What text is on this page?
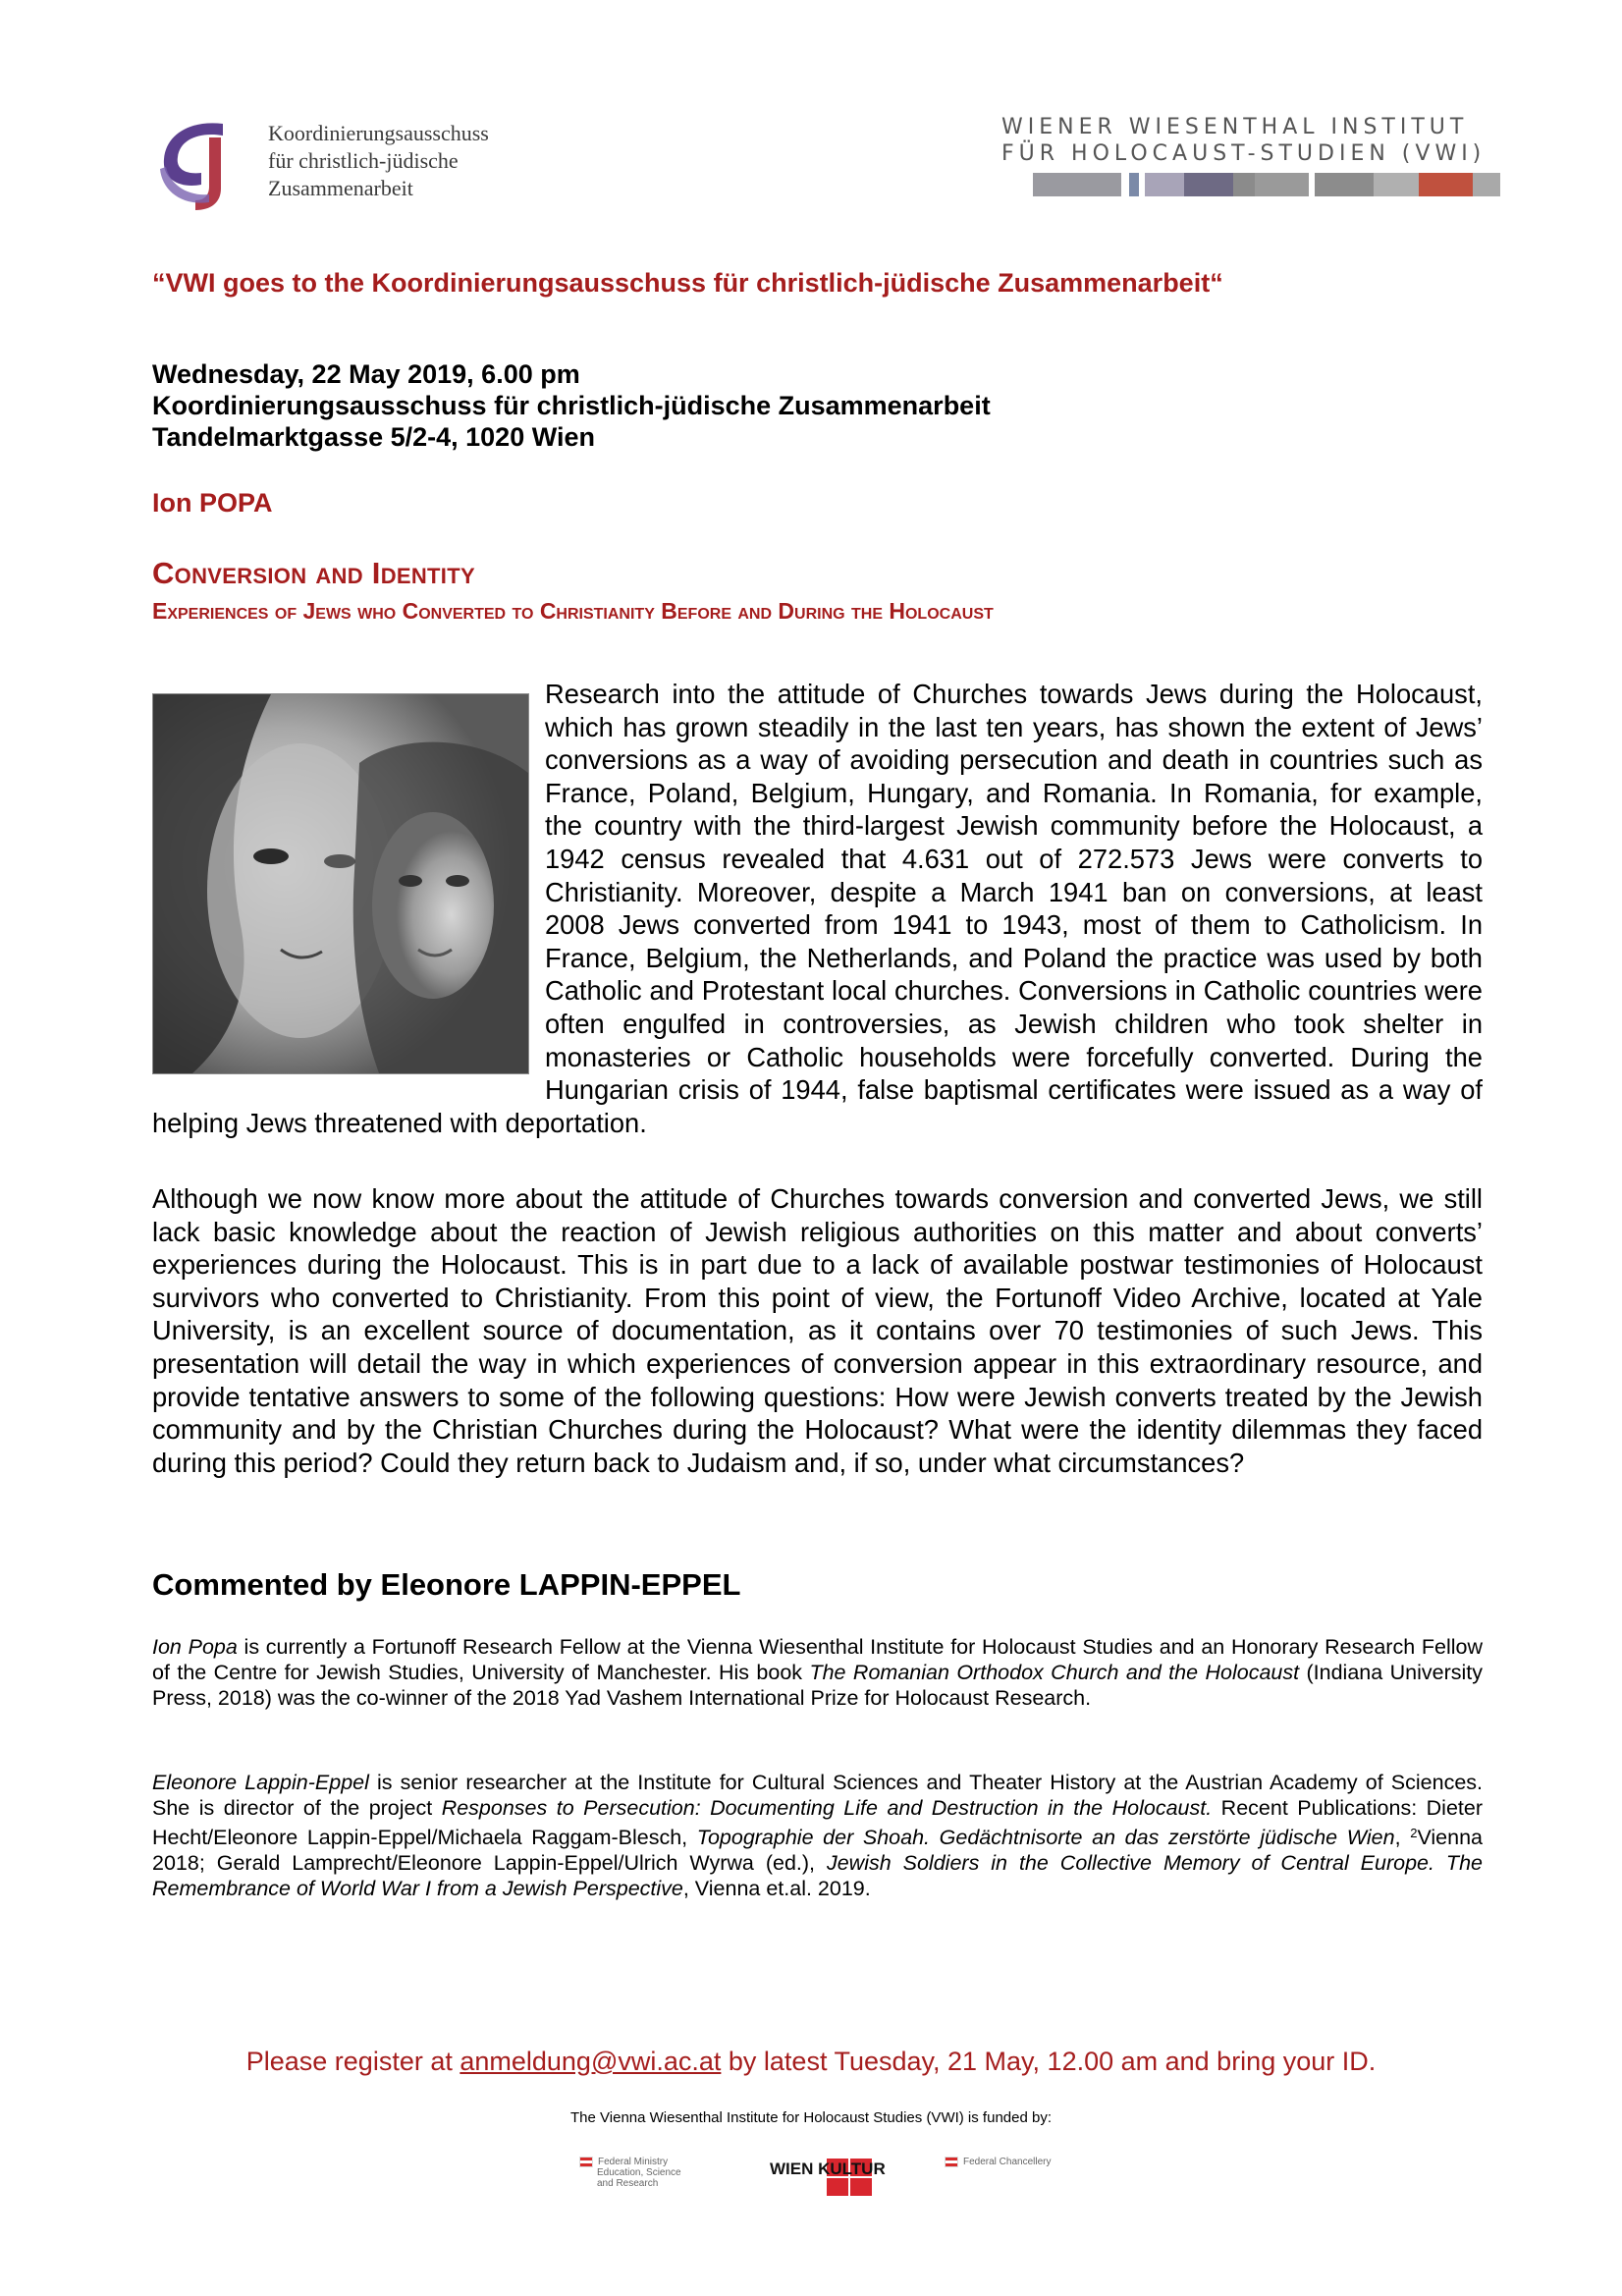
Koordinierungsausschuss
für christlich-jüdische
Zusammenarbeit
WIENER WIESENTHAL INSTITUT
FÜR HOLOCAUST-STUDIEN (VWI)
“VWI goes to the Koordinierungsausschuss für christlich-jüdische Zusammenarbeit“
Wednesday, 22 May 2019, 6.00 pm
Koordinierungsausschuss für christlich-jüdische Zusammenarbeit
Tandelmarktgasse 5/2-4, 1020 Wien
Ion POPA
Conversion and Identity
Experiences of Jews who Converted to Christianity Before and During the Holocaust
Research into the attitude of Churches towards Jews during the Holocaust, which has grown steadily in the last ten years, has shown the extent of Jews’ conversions as a way of avoiding persecution and death in countries such as France, Poland, Belgium, Hungary, and Romania. In Romania, for example, the country with the third-largest Jewish community before the Holocaust, a 1942 census revealed that 4.631 out of 272.573 Jews were converts to Christianity. Moreover, despite a March 1941 ban on conversions, at least 2008 Jews converted from 1941 to 1943, most of them to Catholicism. In France, Belgium, the Netherlands, and Poland the practice was used by both Catholic and Protestant local churches. Conversions in Catholic countries were often engulfed in controversies, as Jewish children who took shelter in monasteries or Catholic households were forcefully converted. During the Hungarian crisis of 1944, false baptismal certificates were issued as a way of helping Jews threatened with deportation.
Although we now know more about the attitude of Churches towards conversion and converted Jews, we still lack basic knowledge about the reaction of Jewish religious authorities on this matter and about converts’ experiences during the Holocaust. This is in part due to a lack of available postwar testimonies of Holocaust survivors who converted to Christianity. From this point of view, the Fortunoff Video Archive, located at Yale University, is an excellent source of documentation, as it contains over 70 testimonies of such Jews. This presentation will detail the way in which experiences of conversion appear in this extraordinary resource, and provide tentative answers to some of the following questions: How were Jewish converts treated by the Jewish community and by the Christian Churches during the Holocaust? What were the identity dilemmas they faced during this period? Could they return back to Judaism and, if so, under what circumstances?
Commented by Eleonore LAPPIN-EPPEL
Ion Popa is currently a Fortunoff Research Fellow at the Vienna Wiesenthal Institute for Holocaust Studies and an Honorary Research Fellow of the Centre for Jewish Studies, University of Manchester. His book The Romanian Orthodox Church and the Holocaust (Indiana University Press, 2018) was the co-winner of the 2018 Yad Vashem International Prize for Holocaust Research.
Eleonore Lappin-Eppel is senior researcher at the Institute for Cultural Sciences and Theater History at the Austrian Academy of Sciences. She is director of the project Responses to Persecution: Documenting Life and Destruction in the Holocaust. Recent Publications: Dieter Hecht/Eleonore Lappin-Eppel/Michaela Raggam-Blesch, Topographie der Shoah. Gedächtnisorte an das zerstörte jüdische Wien, $^2$Vienna 2018; Gerald Lamprecht/Eleonore Lappin-Eppel/Ulrich Wyrwa (ed.), Jewish Soldiers in the Collective Memory of Central Europe. The Remembrance of World War I from a Jewish Perspective, Vienna et.al. 2019.
Please register at anmeldung@vwi.ac.at by latest Tuesday, 21 May, 12.00 am and bring your ID.
The Vienna Wiesenthal Institute for Holocaust Studies (VWI) is funded by:
Federal Ministry
Education, Science
and Research
WIEN KULTUR	Federal Chancellery
